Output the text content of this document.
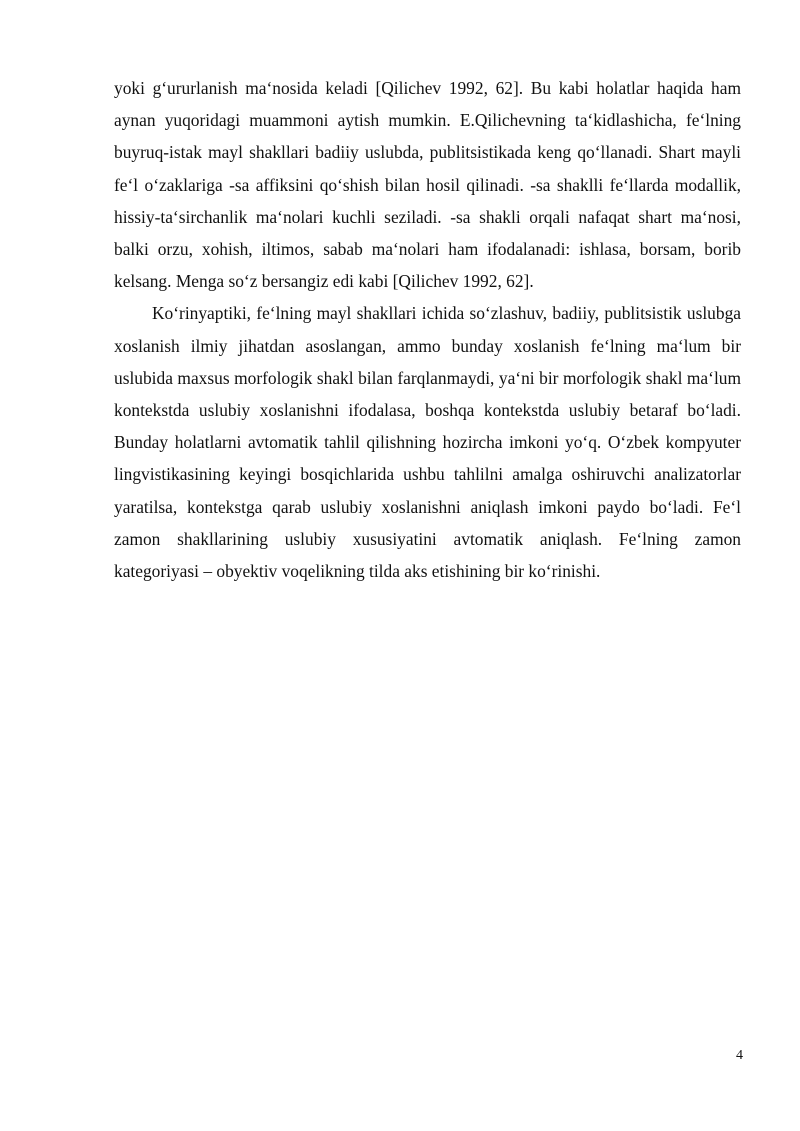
yoki g‘ururlanish ma‘nosida keladi [Qilichev 1992, 62]. Bu kabi holatlar haqida ham aynan yuqoridagi muammoni aytish mumkin. E.Qilichevning ta‘kidlashicha, fe‘lning buyruq-istak mayl shakllari badiiy uslubda, publitsistikada keng qo‘llanadi. Shart mayli fe‘l o‘zaklariga -sa affiksini qo‘shish bilan hosil qilinadi. -sa shaklli fe‘llarda modallik, hissiy-ta‘sirchanlik ma‘nolari kuchli seziladi. -sa shakli orqali nafaqat shart ma‘nosi, balki orzu, xohish, iltimos, sabab ma‘nolari ham ifodalanadi: ishlasa, borsam, borib kelsang. Menga so‘z bersangiz edi kabi [Qilichev 1992, 62].

Ko‘rinyaptiki, fe‘lning mayl shakllari ichida so‘zlashuv, badiiy, publitsistik uslubga xoslanish ilmiy jihatdan asoslangan, ammo bunday xoslanish fe‘lning ma‘lum bir uslubida maxsus morfologik shakl bilan farqlanmaydi, ya‘ni bir morfologik shakl ma‘lum kontekstda uslubiy xoslanishni ifodalasa, boshqa kontekstda uslubiy betaraf bo‘ladi. Bunday holatlarni avtomatik tahlil qilishning hozircha imkoni yo‘q. O‘zbek kompyuter lingvistikasining keyingi bosqichlarida ushbu tahlilni amalga oshiruvchi analizatorlar yaratilsa, kontekstga qarab uslubiy xoslanishni aniqlash imkoni paydo bo‘ladi. Fe‘l zamon shakllarining uslubiy xususiyatini avtomatik aniqlash. Fe‘lning zamon kategoriyasi – obyektiv voqelikning tilda aks etishining bir ko‘rinishi.

4
